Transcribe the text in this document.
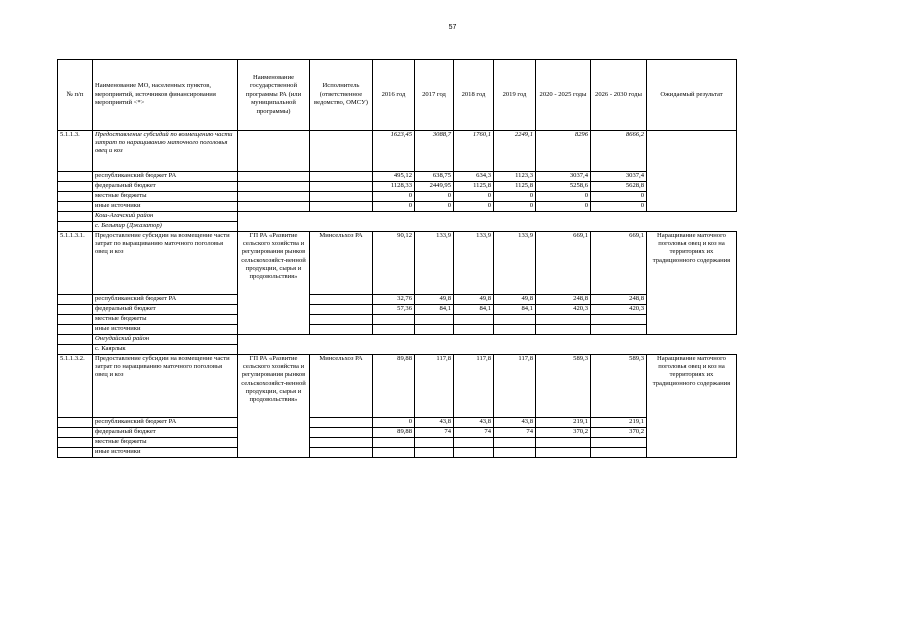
57
№ п/п	Наименование МО, населенных пунктов, мероприятий, источников финансирования мероприятий <*>	Наименование государственной программы РА (или муниципальной программы)	Исполнитель (ответственное ведомство, ОМСУ)	2016 год	2017 год	2018 год	2019 год	2020 - 2025 годы	2026 - 2030 годы	Ожидаемый результат
5.1.1.3.	Предоставление субсидий по возмещению части затрат по наращиванию маточного поголовья овец и коз			1623,45	3088,7	1760,1	2249,1	8296	8666,2	
	республиканский бюджет РА			495,12	638,75	634,3	1123,3	3037,4	3037,4	
	федеральный бюджет			1128,33	2449,95	1125,8	1125,8	5258,6	5628,8	
	местные бюджеты			0	0	0	0	0	0	
	иные источники			0	0	0	0	0	0	
	Кош-Агачский район									
	с. Бельтир (Джазатор)									
5.1.1.3.1.	Предоставление субсидии на возмещение части затрат по выращиванию маточного поголовья овец и коз	ГП РА «Развитие сельского хозяйства и регулирования рынков сельскохозяйст-венной продукции, сырья и продовольствия»	Минсельхоз РА	90,12	133,9	133,9	133,9	669,1	669,1	Наращивание маточного поголовья овец и коз на территориях их традиционного содержания
	республиканский бюджет РА			32,76	49,8	49,8	49,8	248,8	248,8	
	федеральный бюджет			57,36	84,1	84,1	84,1	420,3	420,3	
	местные бюджеты									
	иные источники									
	Онгудайский район									
	с. Каярлык									
5.1.1.3.2.	Предоставление субсидии на возмещение части затрат по наращиванию маточного поголовья овец и коз	ГП РА «Развитие сельского хозяйства и регулирования рынков сельскохозяйст-венной продукции, сырья и продовольствия»	Минсельхоз РА	89,88	117,8	117,8	117,8	589,3	589,3	Наращивание маточного поголовья овец и коз на территориях их традиционного содержания
	республиканский бюджет РА			0	43,8	43,8	43,8	219,1	219,1	
	федеральный бюджет			89,88	74	74	74	370,2	370,2	
	местные бюджеты									
	иные источники									
